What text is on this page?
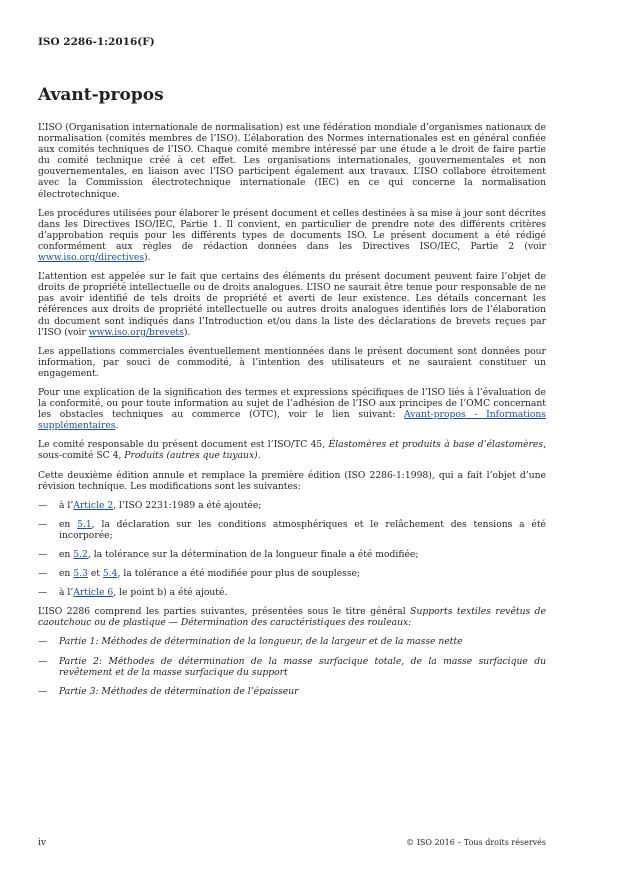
ISO 2286-1:2016(F)
Avant-propos

L’ISO (Organisation internationale de normalisation) est une fédération mondiale d’organismes nationaux de normalisation (comités membres de l’ISO). L’élaboration des Normes internationales est en général confiée aux comités techniques de l’ISO. Chaque comité membre intéressé par une étude a le droit de faire partie du comité technique créé à cet effet. Les organisations internationales, gouvernementales et non gouvernementales, en liaison avec l’ISO participent également aux travaux. L’ISO collabore étroitement avec la Commission électrotechnique internationale (IEC) en ce qui concerne la normalisation électrotechnique.

Les procédures utilisées pour élaborer le présent document et celles destinées à sa mise à jour sont décrites dans les Directives ISO/IEC, Partie 1. Il convient, en particulier de prendre note des différents critères d’approbation requis pour les différents types de documents ISO. Le présent document a été rédigé conformément aux règles de rédaction données dans les Directives ISO/IEC, Partie 2 (voir www.iso.org/directives).

L’attention est appelée sur le fait que certains des éléments du présent document peuvent faire l’objet de droits de propriété intellectuelle ou de droits analogues. L’ISO ne saurait être tenue pour responsable de ne pas avoir identifié de tels droits de propriété et averti de leur existence. Les détails concernant les références aux droits de propriété intellectuelle ou autres droits analogues identifiés lors de l’élaboration du document sont indiqués dans l’Introduction et/ou dans la liste des déclarations de brevets reçues par l’ISO (voir www.iso.org/brevets).

Les appellations commerciales éventuellement mentionnées dans le présent document sont données pour information, par souci de commodité, à l’intention des utilisateurs et ne sauraient constituer un engagement.

Pour une explication de la signification des termes et expressions spécifiques de l’ISO liés à l’évaluation de la conformité, ou pour toute information au sujet de l’adhésion de l’ISO aux principes de l’OMC concernant les obstacles techniques au commerce (OTC), voir le lien suivant: Avant-propos - Informations supplémentaires.

Le comité responsable du présent document est l’ISO/TC 45, Élastomères et produits à base d’élastomères, sous-comité SC 4, Produits (autres que tuyaux).

Cette deuxième édition annule et remplace la première édition (ISO 2286-1:1998), qui a fait l’objet d’une révision technique. Les modifications sont les suivantes:

— à l’Article 2, l’ISO 2231:1989 a été ajoutée;
— en 5.1, la déclaration sur les conditions atmosphériques et le relâchement des tensions a été incorporée;
— en 5.2, la tolérance sur la détermination de la longueur finale a été modifiée;
— en 5.3 et 5.4, la tolérance a été modifiée pour plus de souplesse;
— à l’Article 6, le point b) a été ajouté.

L’ISO 2286 comprend les parties suivantes, présentées sous le titre général Supports textiles revêtus de caoutchouc ou de plastique — Détermination des caractéristiques des rouleaux:

— Partie 1: Méthodes de détermination de la longueur, de la largeur et de la masse nette
— Partie 2: Méthodes de détermination de la masse surfacique totale, de la masse surfacique du revêtement et de la masse surfacique du support
— Partie 3: Méthodes de détermination de l’épaisseur
iv	© ISO 2016 – Tous droits réservés
